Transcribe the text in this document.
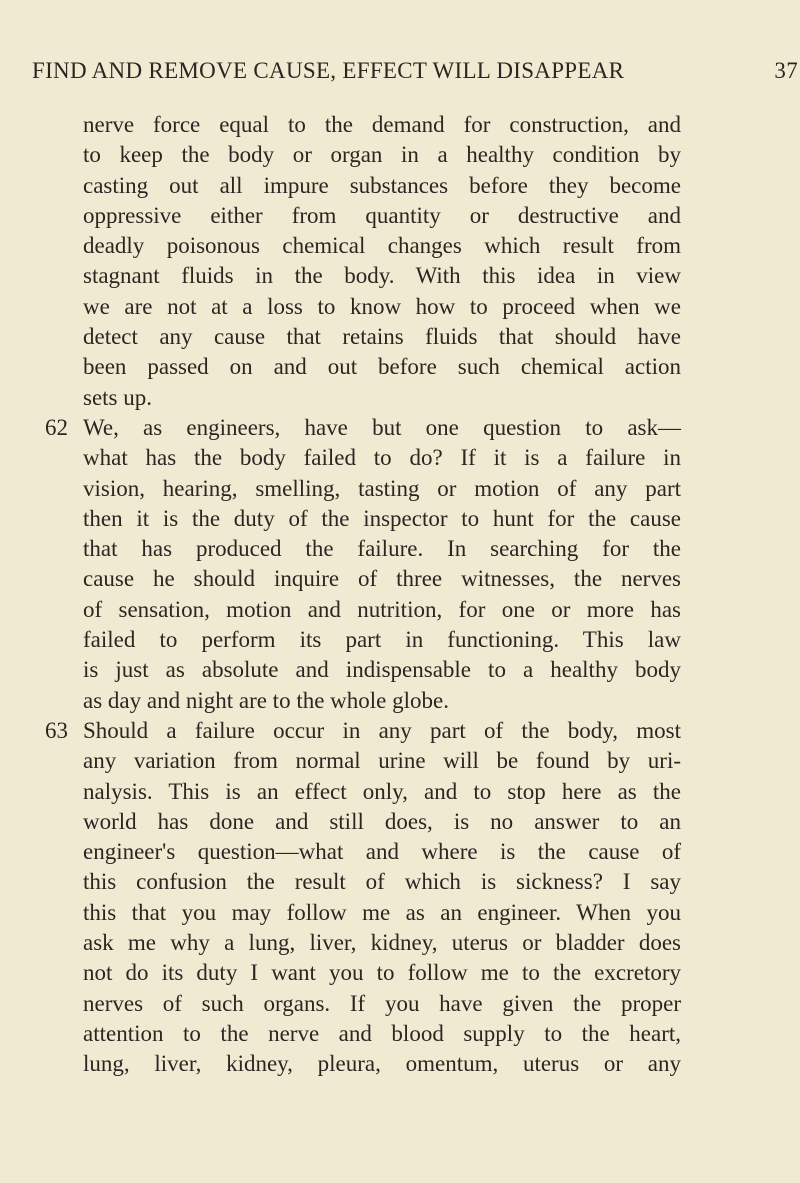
FIND AND REMOVE CAUSE, EFFECT WILL DISAPPEAR	37
nerve force equal to the demand for construction, and
to keep the body or organ in a healthy condition by
casting out all impure substances before they become
oppressive either from quantity or destructive and
deadly poisonous chemical changes which result from
stagnant fluids in the body. With this idea in view
we are not at a loss to know how to proceed when we
detect any cause that retains fluids that should have
been passed on and out before such chemical action
sets up.
62 We, as engineers, have but one question to ask—
what has the body failed to do? If it is a failure in
vision, hearing, smelling, tasting or motion of any part
then it is the duty of the inspector to hunt for the cause
that has produced the failure. In searching for the
cause he should inquire of three witnesses, the nerves
of sensation, motion and nutrition, for one or more has
failed to perform its part in functioning. This law
is just as absolute and indispensable to a healthy body
as day and night are to the whole globe.
63 Should a failure occur in any part of the body, most
any variation from normal urine will be found by uri-
nalysis. This is an effect only, and to stop here as the
world has done and still does, is no answer to an
engineer's question—what and where is the cause of
this confusion the result of which is sickness? I say
this that you may follow me as an engineer. When you
ask me why a lung, liver, kidney, uterus or bladder does
not do its duty I want you to follow me to the excretory
nerves of such organs. If you have given the proper
attention to the nerve and blood supply to the heart,
lung, liver, kidney, pleura, omentum, uterus or any
